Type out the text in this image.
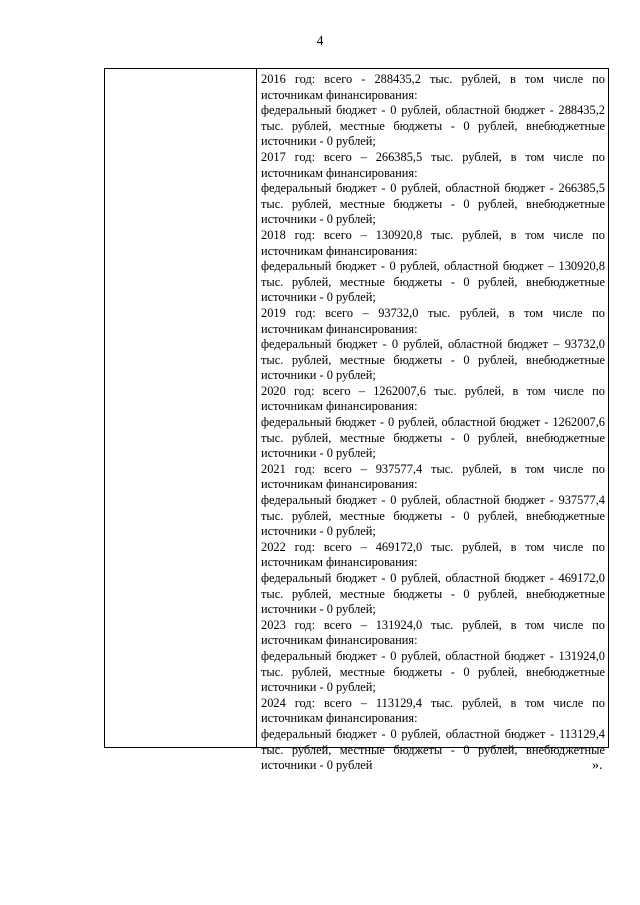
4
2016 год: всего - 288435,2 тыс. рублей, в том числе по источникам финансирования:
федеральный бюджет - 0 рублей, областной бюджет - 288435,2 тыс. рублей, местные бюджеты - 0 рублей, внебюджетные источники - 0 рублей;
2017 год: всего – 266385,5 тыс. рублей, в том числе по источникам финансирования:
федеральный бюджет - 0 рублей, областной бюджет - 266385,5 тыс. рублей, местные бюджеты - 0 рублей, внебюджетные источники - 0 рублей;
2018 год: всего – 130920,8 тыс. рублей, в том числе по источникам финансирования:
федеральный бюджет - 0 рублей, областной бюджет – 130920,8 тыс. рублей, местные бюджеты - 0 рублей, внебюджетные источники - 0 рублей;
2019 год: всего – 93732,0 тыс. рублей, в том числе по источникам финансирования:
федеральный бюджет - 0 рублей, областной бюджет – 93732,0 тыс. рублей, местные бюджеты - 0 рублей, внебюджетные источники - 0 рублей;
2020 год: всего – 1262007,6 тыс. рублей, в том числе по источникам финансирования:
федеральный бюджет - 0 рублей, областной бюджет - 1262007,6 тыс. рублей, местные бюджеты - 0 рублей, внебюджетные источники - 0 рублей;
2021 год: всего – 937577,4 тыс. рублей, в том числе по источникам финансирования:
федеральный бюджет - 0 рублей, областной бюджет - 937577,4 тыс. рублей, местные бюджеты - 0 рублей, внебюджетные источники - 0 рублей;
2022 год: всего – 469172,0 тыс. рублей, в том числе по источникам финансирования:
федеральный бюджет - 0 рублей, областной бюджет - 469172,0 тыс. рублей, местные бюджеты - 0 рублей, внебюджетные источники - 0 рублей;
2023 год: всего – 131924,0 тыс. рублей, в том числе по источникам финансирования:
федеральный бюджет - 0 рублей, областной бюджет - 131924,0 тыс. рублей, местные бюджеты - 0 рублей, внебюджетные источники - 0 рублей;
2024 год: всего – 113129,4 тыс. рублей, в том числе по источникам финансирования:
федеральный бюджет - 0 рублей, областной бюджет - 113129,4 тыс. рублей, местные бюджеты - 0 рублей, внебюджетные источники - 0 рублей	».
